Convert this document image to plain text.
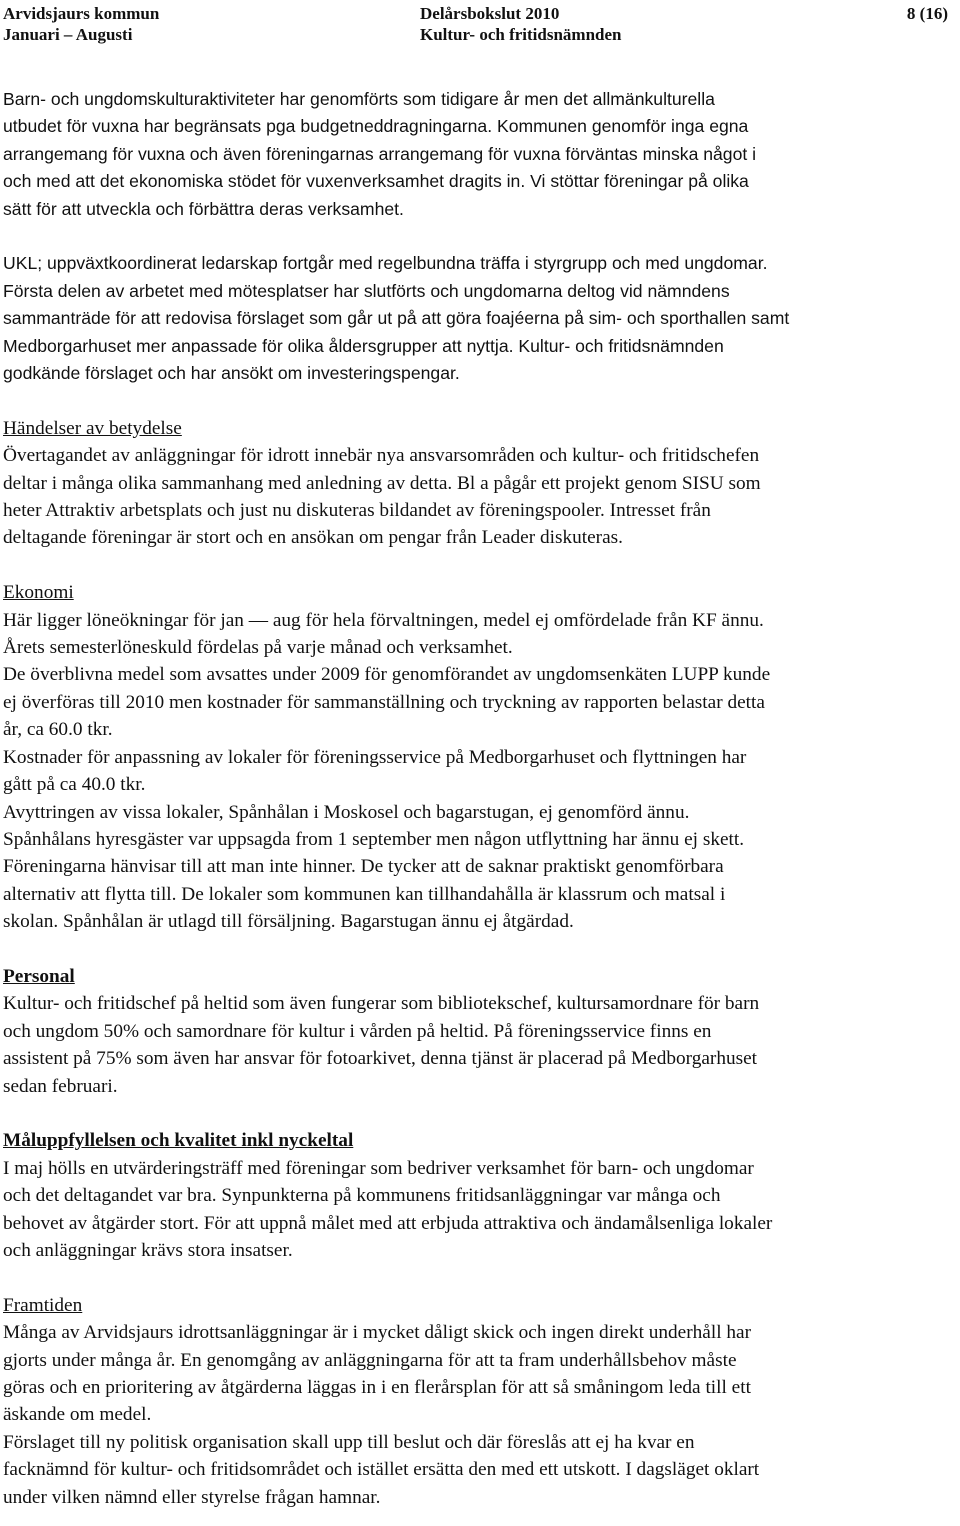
Arvidsjaurs kommun	Delårsbokslut 2010	8 (16)
Januari – Augusti	Kultur- och fritidsnämnden
Barn- och ungdomskulturaktiviteter har genomförts som tidigare år men det allmänkulturella
utbudet för vuxna har begränsats pga budgetneddragningarna. Kommunen genomför inga egna
arrangemang för vuxna och även föreningarnas arrangemang för vuxna förväntas minska något i
och med att det ekonomiska stödet för vuxenverksamhet dragits in. Vi stöttar föreningar på olika
sätt för att utveckla och förbättra deras verksamhet.
UKL; uppväxtkoordinerat ledarskap fortgår med regelbundna träffa i styrgrupp och med ungdomar.
Första delen av arbetet med mötesplatser har slutförts och ungdomarna deltog vid nämndens
sammanträde för att redovisa förslaget som går ut på att göra foajéerna på sim- och sporthallen samt
Medborgarhuset mer anpassade för olika åldersgrupper att nyttja. Kultur- och fritidsnämnden
godkände förslaget och har ansökt om investeringspengar.
Händelser av betydelse
Övertagandet av anläggningar för idrott innebär nya ansvarsområden och kultur- och fritidschefen
deltar i många olika sammanhang med anledning av detta. Bl a pågår ett projekt genom SISU som
heter Attraktiv arbetsplats och just nu diskuteras bildandet av föreningspooler. Intresset från
deltagande föreningar är stort och en ansökan om pengar från Leader diskuteras.
Ekonomi
Här ligger löneökningar för jan — aug för hela förvaltningen, medel ej omfördelade från KF ännu.
Årets semesterlöneskuld fördelas på varje månad och verksamhet.
De överblivna medel som avsattes under 2009 för genomförandet av ungdomsenkäten LUPP kunde
ej överföras till 2010 men kostnader för sammanställning och tryckning av rapporten belastar detta
år, ca 60.0 tkr.
Kostnader för anpassning av lokaler för föreningsservice på Medborgarhuset och flyttningen har
gått på ca 40.0 tkr.
Avyttringen av vissa lokaler, Spånhålan i Moskosel och bagarstugan, ej genomförd ännu.
Spånhålans hyresgäster var uppsagda from 1 september men någon utflyttning har ännu ej skett.
Föreningarna hänvisar till att man inte hinner. De tycker att de saknar praktiskt genomförbara
alternativ att flytta till. De lokaler som kommunen kan tillhandahålla är klassrum och matsal i
skolan. Spånhålan är utlagd till försäljning. Bagarstugan ännu ej åtgärdad.
Personal
Kultur- och fritidschef på heltid som även fungerar som bibliotekschef, kultursamordnare för barn
och ungdom 50% och samordnare för kultur i vården på heltid. På föreningsservice finns en
assistent på 75% som även har ansvar för fotoarkivet, denna tjänst är placerad på Medborgarhuset
sedan februari.
Måluppfyllelsen och kvalitet inkl nyckeltal
I maj hölls en utvärderingsträff med föreningar som bedriver verksamhet för barn- och ungdomar
och det deltagandet var bra. Synpunkterna på kommunens fritidsanläggningar var många och
behovet av åtgärder stort. För att uppnå målet med att erbjuda attraktiva och ändamålsenliga lokaler
och anläggningar krävs stora insatser.
Framtiden
Många av Arvidsjaurs idrottsanläggningar är i mycket dåligt skick och ingen direkt underhåll har
gjorts under många år. En genomgång av anläggningarna för att ta fram underhållsbehov måste
göras och en prioritering av åtgärderna läggas in i en flerårsplan för att så småningom leda till ett
äskande om medel.
Förslaget till ny politisk organisation skall upp till beslut och där föreslås att ej ha kvar en
facknämnd för kultur- och fritidsområdet och istället ersätta den med ett utskott. I dagsläget oklart
under vilken nämnd eller styrelse frågan hamnar.
